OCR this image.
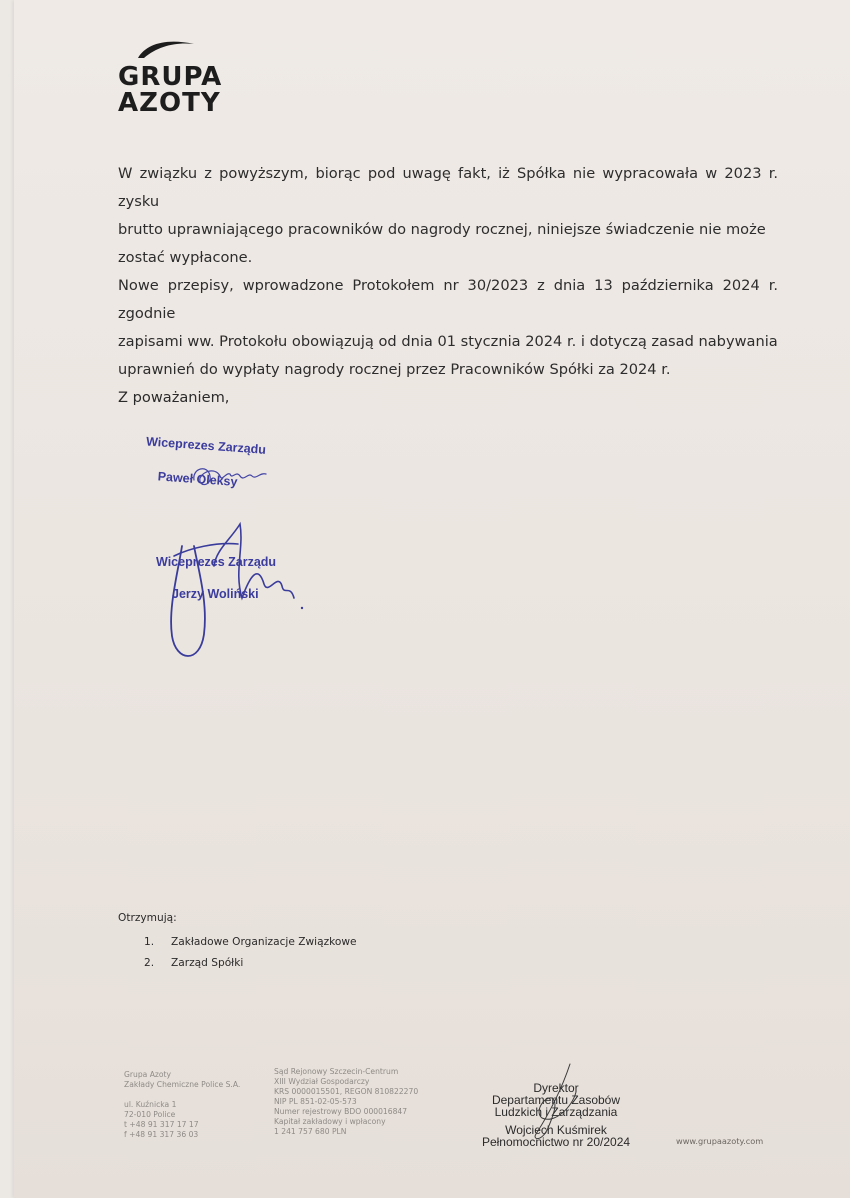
GRUPA
AZOTY
W związku z powyższym, biorąc pod uwagę fakt, iż Spółka nie wypracowała w 2023 r. zysku
brutto uprawniającego pracowników do nagrody rocznej, niniejsze świadczenie nie może
zostać wypłacone.
Nowe przepisy, wprowadzone Protokołem nr 30/2023 z dnia 13 października 2024 r. zgodnie
zapisami ww. Protokołu obowiązują od dnia 01 stycznia 2024 r. i dotyczą zasad nabywania
uprawnień do wypłaty nagrody rocznej przez Pracowników Spółki za 2024 r.
Z poważaniem,
Wiceprezes Zarządu
Paweł Oleksy
Wiceprezes Zarządu
Jerzy Woliński
Otrzymują:
1. Zakładowe Organizacje Związkowe
2. Zarząd Spółki
Grupa Azoty
Zakłady Chemiczne Police S.A.
ul. Kuźnicka 1
72-010 Police
t +48 91 317 17 17
f +48 91 317 36 03
Sąd Rejonowy Szczecin-Centrum
XIII Wydział Gospodarczy
KRS 0000015501, REGON 810822270
NIP PL 851-02-05-573
Numer rejestrowy BDO 000016847
Kapitał zakładowy i wpłacony
1 241 757 680 PLN
Dyrektor
Departamentu Zasobów
Ludzkich i Zarządzania
Wojciech Kuśmirek
Pełnomocnictwo nr 20/2024	www.grupaazoty.com
